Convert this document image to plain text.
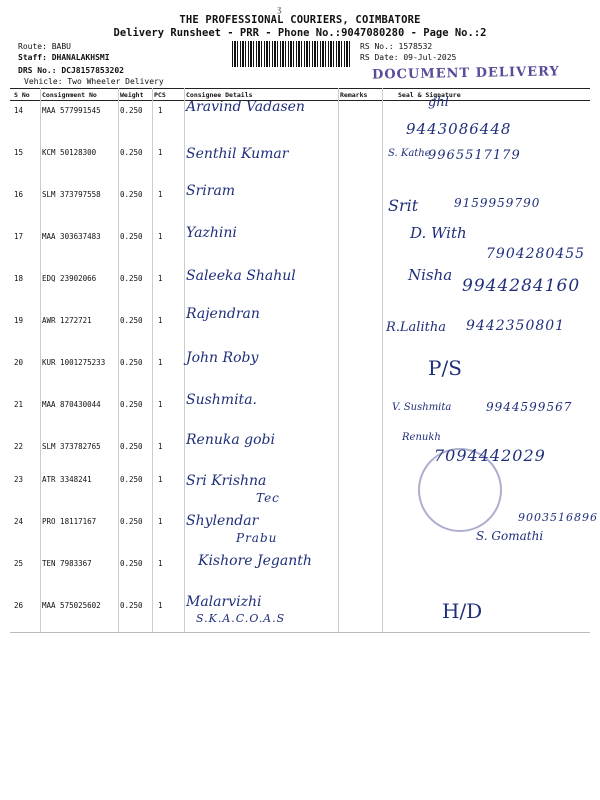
ʒ
THE PROFESSIONAL COURIERS, COIMBATORE
Delivery Runsheet - PRR - Phone No.:9047080280 - Page No.:2
Route: BABU
Staff: DHANALAKHSMI
DRS No.: DCJ8157853202
Vehicle: Two Wheeler Delivery
RS No.: 1578532
RS Date: 09-Jul-2025
DOCUMENT DELIVERY
S No Consignment No	Weight PCS	Consignee Details	Remarks	Seal & Signature
14	MAA 577991545	0.250 1 Aravind Vadasen	ghl
9443086448
15	KCM 50128300	0.250 1 Senthil Kumar	S. Kathe
9965517179
16	SLM 373797558	0.250 1 Sriram
Srit	9159959790
17	MAA 303637483	0.250 1 Yazhini	D. With
7904280455
18	EDQ 23902066	0.250 1 Saleeka Shahul	Nisha
9944284160
19	AWR 1272721	0.250 1 Rajendran
R.Lalitha 9442350801
20	KUR 1001275233 0.250 1 John Roby	P/S
21	MAA 870430044	0.250 1 Sushmita.	V. Sushmita	9944599567
22	SLM 373782765	0.250 1 Renuka gobi	Renukh
7094442029
23	ATR 3348241	0.250 1 Sri Krishna
Tec
24	PRO 18117167	0.250 1 Shylendar
Prabu
9003516896
S. Gomathi
25	TEN 7983367	0.250 1	Kishore Jeganth
26	MAA 575025602	0.250 1 Malarvizhi
S.K.A.C.O.A.S	H/D
